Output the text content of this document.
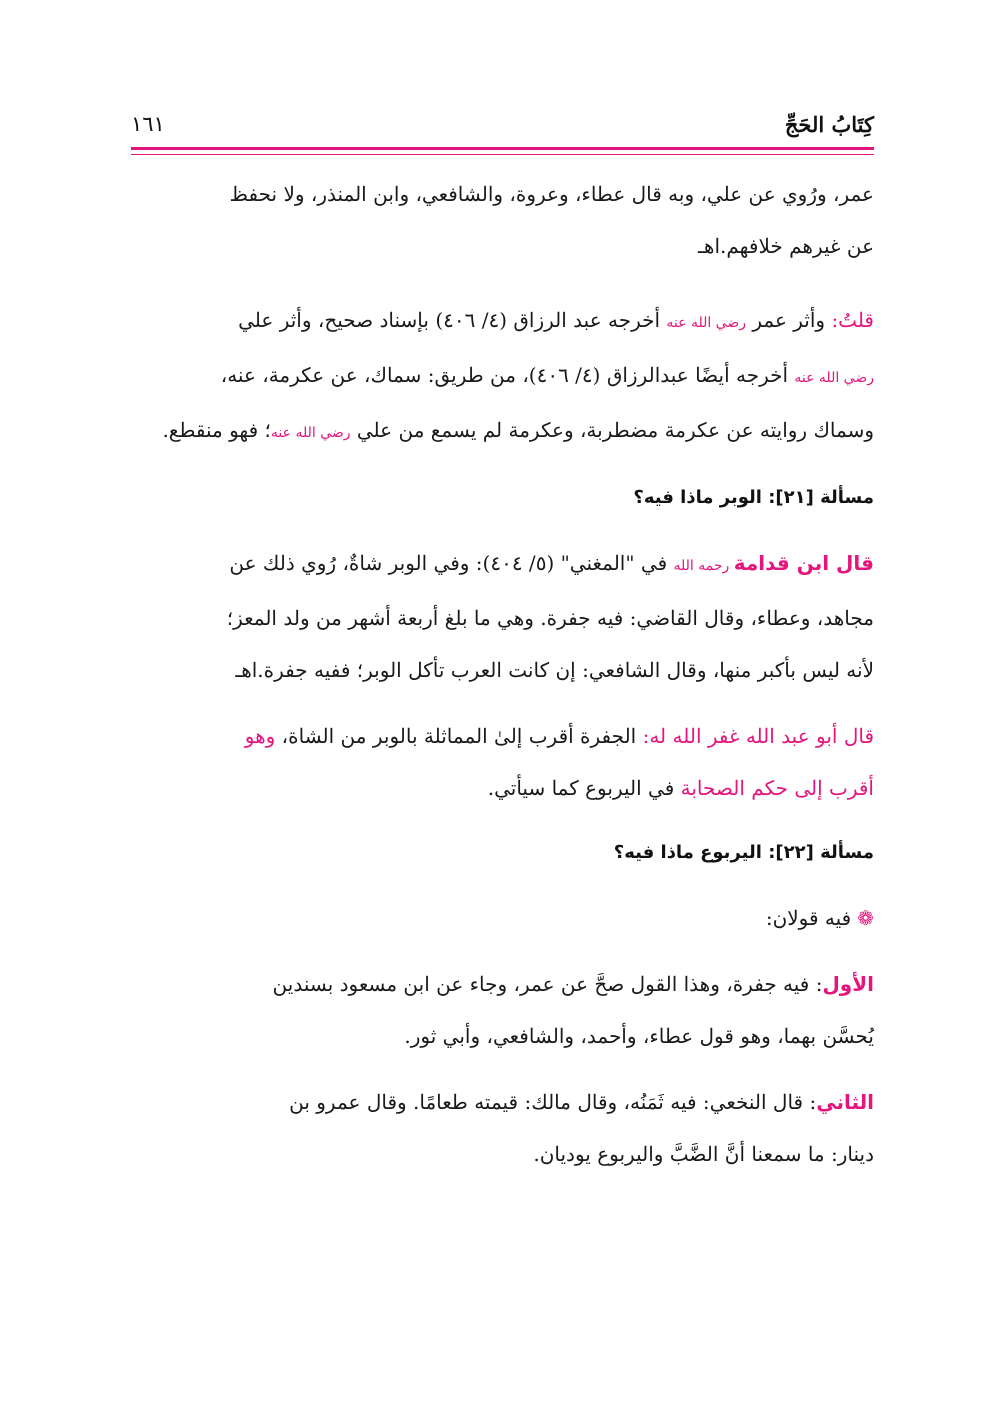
كِتَابُ الحَجِّ
١٦١

عمر، ورُوي عن علي، وبه قال عطاء، وعروة، والشافعي، وابن المنذر، ولا نحفظ
عن غيرهم خلافهم.اهـ

قلتُ: وأثر عمر رضي الله عنه أخرجه عبد الرزاق (٤/ ٤٠٦) بإسناد صحيح، وأثر علي
رضي الله عنه أخرجه أيضًا عبدالرزاق (٤/ ٤٠٦)، من طريق: سماك، عن عكرمة، عنه،
وسماك روايته عن عكرمة مضطربة، وعكرمة لم يسمع من علي رضي الله عنه؛ فهو منقطع.

مسألة [٢١]: الوبر ماذا فيه؟

قال ابن قدامة رحمه الله في "المغني" (٥/ ٤٠٤): وفي الوبر شاةٌ، رُوي ذلك عن
مجاهد، وعطاء، وقال القاضي: فيه جفرة. وهي ما بلغ أربعة أشهر من ولد المعز؛
لأنه ليس بأكبر منها، وقال الشافعي: إن كانت العرب تأكل الوبر؛ ففيه جفرة.اهـ

قال أبو عبد الله غفر الله له: الجفرة أقرب إلىٰ المماثلة بالوبر من الشاة، وهو
أقرب إلى حكم الصحابة في اليربوع كما سيأتي.

مسألة [٢٢]: اليربوع ماذا فيه؟

❁فيه قولان:

الأول: فيه جفرة، وهذا القول صحَّ عن عمر، وجاء عن ابن مسعود بسندين
يُحسَّن بهما، وهو قول عطاء، وأحمد، والشافعي، وأبي ثور.

الثاني: قال النخعي: فيه ثَمَنُه، وقال مالك: قيمته طعامًا. وقال عمرو بن
دينار: ما سمعنا أنَّ الضَّبَّ واليربوع يوديان.
